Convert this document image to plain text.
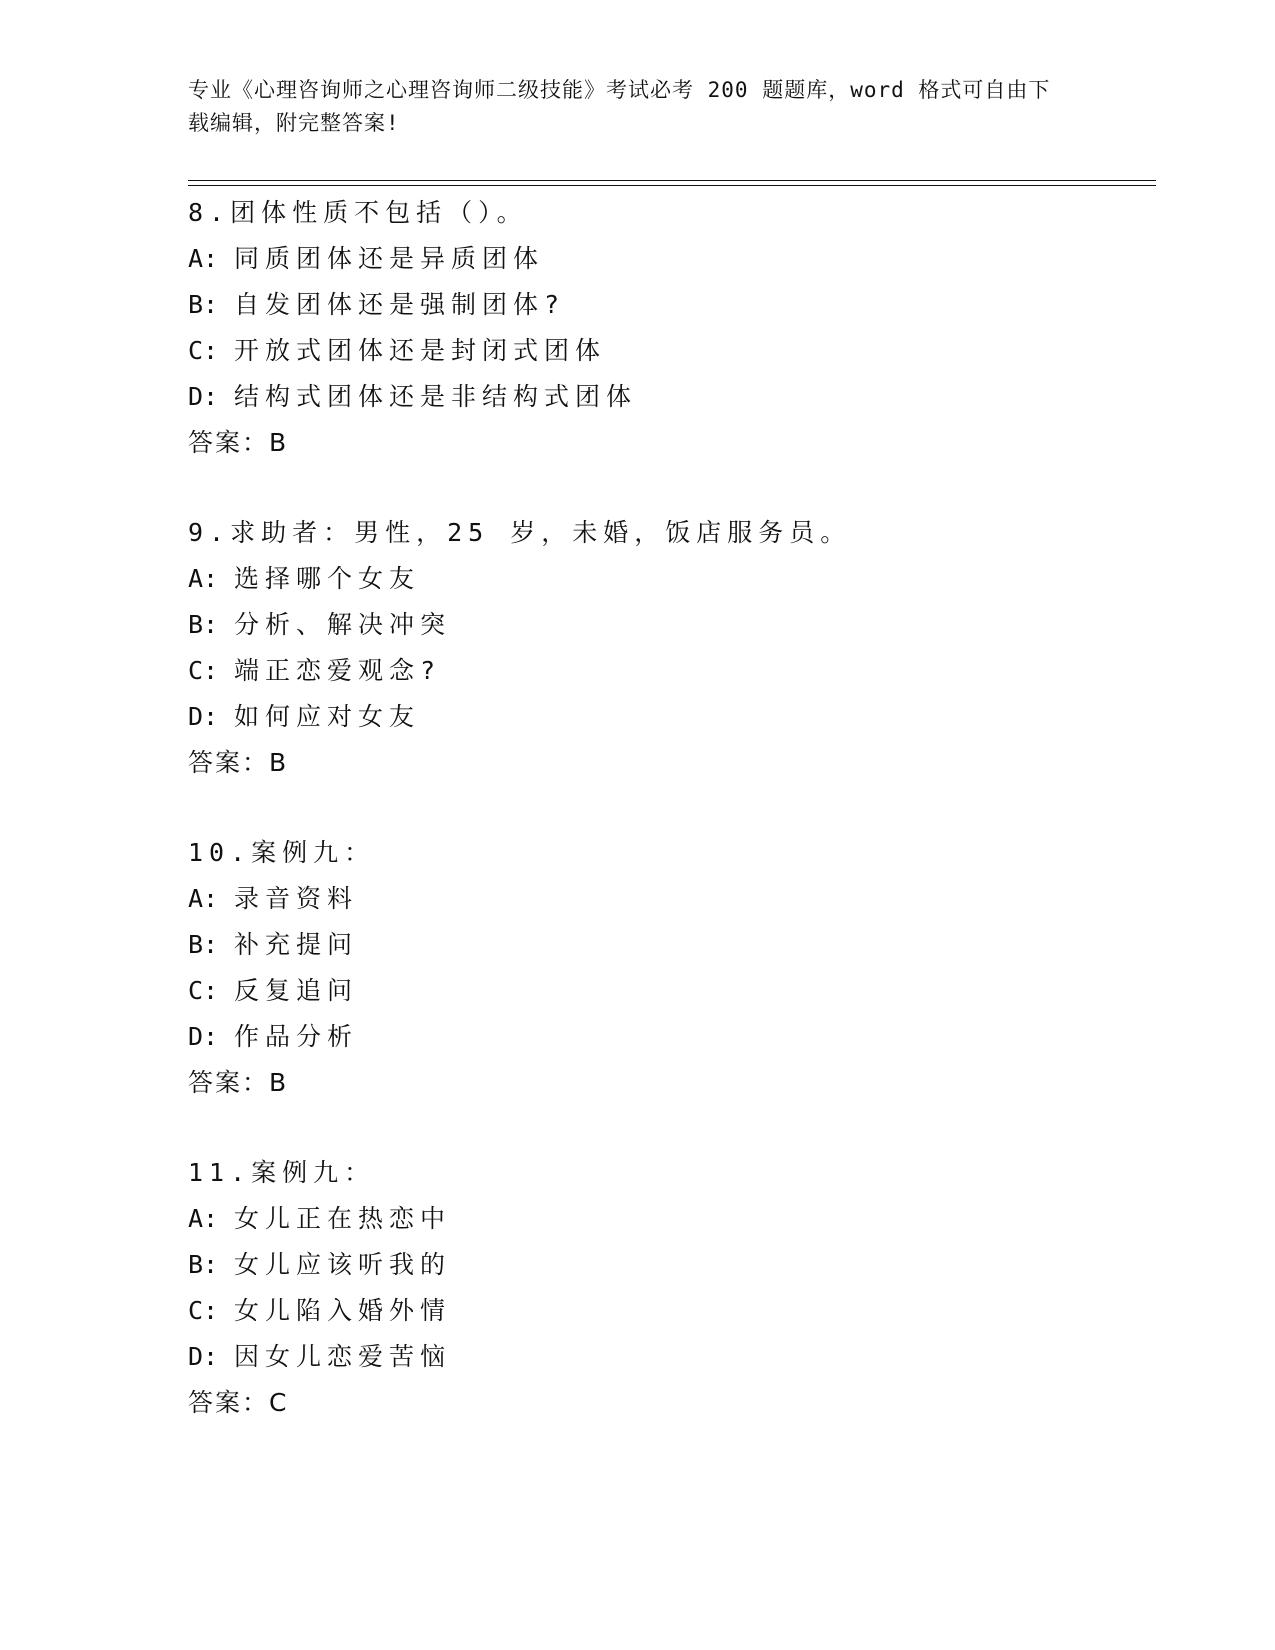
专业《心理咨询师之心理咨询师二级技能》考试必考 200 题题库，word 格式可自由下载编辑，附完整答案!
8.团体性质不包括（）。
A: 同质团体还是异质团体
B: 自发团体还是强制团体?
C: 开放式团体还是封闭式团体
D: 结构式团体还是非结构式团体
答案：B
9.求助者：男性，25 岁，未婚，饭店服务员。
A: 选择哪个女友
B: 分析、解决冲突
C: 端正恋爱观念?
D: 如何应对女友
答案：B
10.案例九：
A: 录音资料
B: 补充提问
C: 反复追问
D: 作品分析
答案：B
11.案例九：
A: 女儿正在热恋中
B: 女儿应该听我的
C: 女儿陷入婚外情
D: 因女儿恋爱苦恼
答案：C
